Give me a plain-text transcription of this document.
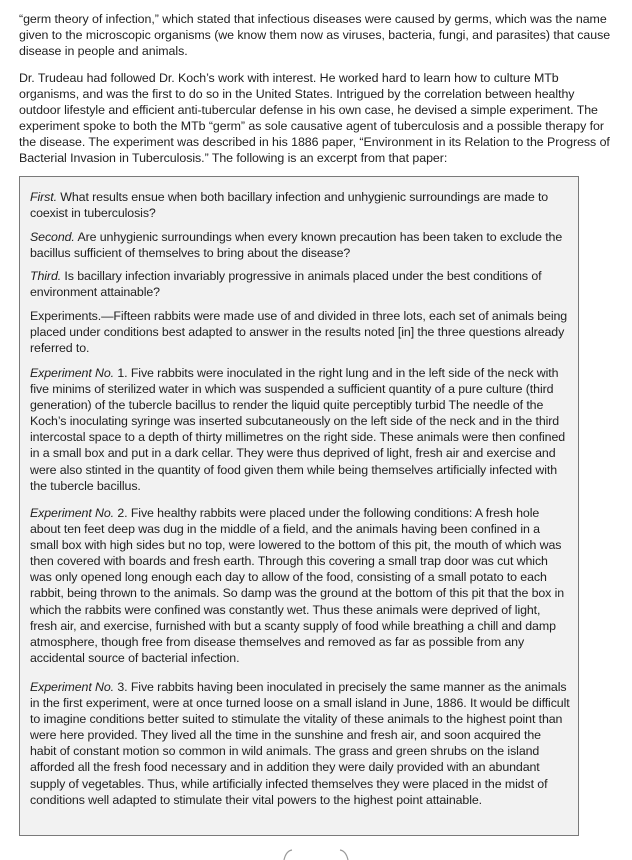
“germ theory of infection,” which stated that infectious diseases were caused by germs, which was the name given to the microscopic organisms (we know them now as viruses, bacteria, fungi, and parasites) that cause disease in people and animals.

Dr. Trudeau had followed Dr. Koch’s work with interest. He worked hard to learn how to culture MTb organisms, and was the first to do so in the United States. Intrigued by the correlation between healthy outdoor lifestyle and efficient anti-tubercular defense in his own case, he devised a simple experiment. The experiment spoke to both the MTb “germ” as sole causative agent of tuberculosis and a possible therapy for the disease. The experiment was described in his 1886 paper, “Environment in its Relation to the Progress of Bacterial Invasion in Tuberculosis.” The following is an excerpt from that paper:

First. What results ensue when both bacillary infection and unhygienic surroundings are made to coexist in tuberculosis?

Second. Are unhygienic surroundings when every known precaution has been taken to exclude the bacillus sufficient of themselves to bring about the disease?

Third. Is bacillary infection invariably progressive in animals placed under the best conditions of environment attainable?

Experiments.—Fifteen rabbits were made use of and divided in three lots, each set of animals being placed under conditions best adapted to answer in the results noted [in] the three questions already referred to.

Experiment No. 1. Five rabbits were inoculated in the right lung and in the left side of the neck with five minims of sterilized water in which was suspended a sufficient quantity of a pure culture (third generation) of the tubercle bacillus to render the liquid quite perceptibly turbid The needle of the Koch’s inoculating syringe was inserted subcutaneously on the left side of the neck and in the third intercostal space to a depth of thirty millimetres on the right side. These animals were then confined in a small box and put in a dark cellar. They were thus deprived of light, fresh air and exercise and were also stinted in the quantity of food given them while being themselves artificially infected with the tubercle bacillus.

Experiment No. 2. Five healthy rabbits were placed under the following conditions: A fresh hole about ten feet deep was dug in the middle of a field, and the animals having been confined in a small box with high sides but no top, were lowered to the bottom of this pit, the mouth of which was then covered with boards and fresh earth. Through this covering a small trap door was cut which was only opened long enough each day to allow of the food, consisting of a small potato to each rabbit, being thrown to the animals. So damp was the ground at the bottom of this pit that the box in which the rabbits were confined was constantly wet. Thus these animals were deprived of light, fresh air, and exercise, furnished with but a scanty supply of food while breathing a chill and damp atmosphere, though free from disease themselves and removed as far as possible from any accidental source of bacterial infection.

Experiment No. 3. Five rabbits having been inoculated in precisely the same manner as the animals in the first experiment, were at once turned loose on a small island in June, 1886. It would be difficult to imagine conditions better suited to stimulate the vitality of these animals to the highest point than were here provided. They lived all the time in the sunshine and fresh air, and soon acquired the habit of constant motion so common in wild animals. The grass and green shrubs on the island afforded all the fresh food necessary and in addition they were daily provided with an abundant supply of vegetables. Thus, while artificially infected themselves they were placed in the midst of conditions well adapted to stimulate their vital powers to the highest point attainable.
